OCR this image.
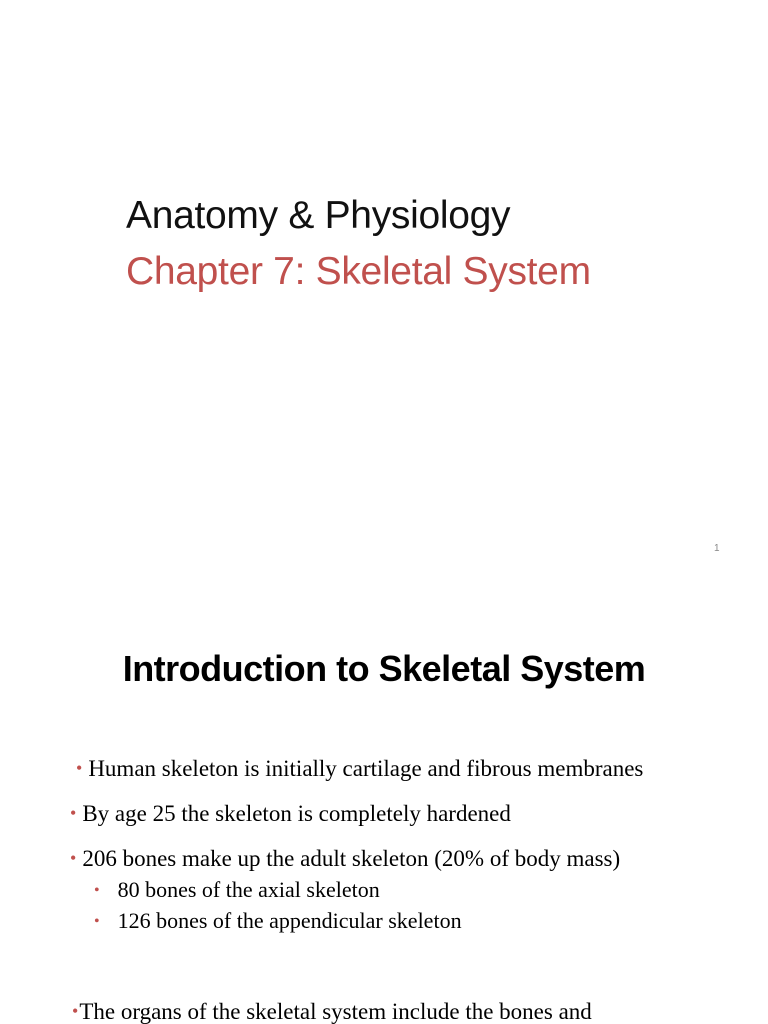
Anatomy & Physiology
Chapter 7: Skeletal System
1
Introduction to Skeletal System
• Human skeleton is initially cartilage and fibrous membranes
• By age 25 the skeleton is completely hardened
• 206 bones make up the adult skeleton (20% of body mass)
• 80 bones of the axial skeleton
• 126 bones of the appendicular skeleton
•The organs of the skeletal system include the bones and
